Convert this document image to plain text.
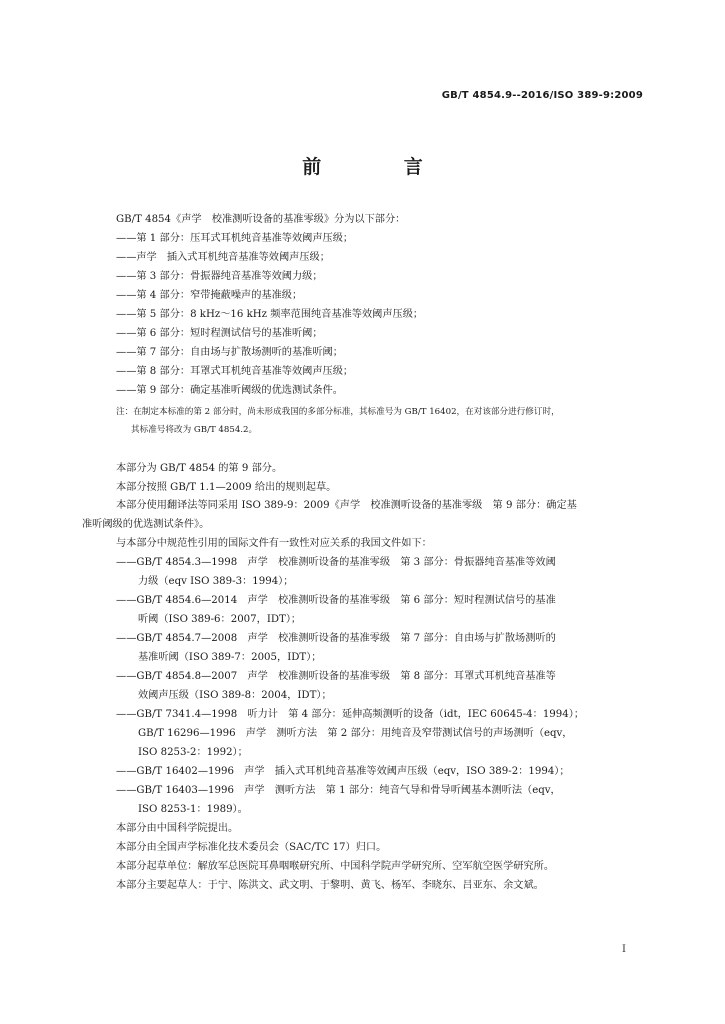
GB/T 4854.9--2016/ISO 389-9:2009
前 言
GB/T 4854《声学　校准测听设备的基准零级》分为以下部分：
——第 1 部分：压耳式耳机纯音基准等效阈声压级；
——声学　插入式耳机纯音基准等效阈声压级；
——第 3 部分：骨振器纯音基准等效阈力级；
——第 4 部分：窄带掩蔽噪声的基准级；
——第 5 部分：8 kHz～16 kHz 频率范围纯音基准等效阈声压级；
——第 6 部分：短时程测试信号的基准听阈；
——第 7 部分：自由场与扩散场测听的基准听阈；
——第 8 部分：耳罩式耳机纯音基准等效阈声压级；
——第 9 部分：确定基准听阈级的优选测试条件。
注：在制定本标准的第 2 部分时，尚未形成我国的多部分标准，其标准号为 GB/T 16402，在对该部分进行修订时，
其标准号将改为 GB/T 4854.2。
本部分为 GB/T 4854 的第 9 部分。
本部分按照 GB/T 1.1—2009 给出的规则起草。
本部分使用翻译法等同采用 ISO 389-9：2009《声学　校准测听设备的基准零级　第 9 部分：确定基
准听阈级的优选测试条件》。
与本部分中规范性引用的国际文件有一致性对应关系的我国文件如下：
——GB/T 4854.3—1998　声学　校准测听设备的基准零级　第 3 部分：骨振器纯音基准等效阈
力级（eqv ISO 389-3：1994）；
——GB/T 4854.6—2014　声学　校准测听设备的基准零级　第 6 部分：短时程测试信号的基准
听阈（ISO 389-6：2007，IDT）；
——GB/T 4854.7—2008　声学　校准测听设备的基准零级　第 7 部分：自由场与扩散场测听的
基准听阈（ISO 389-7：2005，IDT）；
——GB/T 4854.8—2007　声学　校准测听设备的基准零级　第 8 部分：耳罩式耳机纯音基准等
效阈声压级（ISO 389-8：2004，IDT）；
——GB/T 7341.4—1998　听力计　第 4 部分：延伸高频测听的设备（idt，IEC 60645-4：1994）；
GB/T 16296—1996　声学　测听方法　第 2 部分：用纯音及窄带测试信号的声场测听（eqv，
ISO 8253-2：1992）；
——GB/T 16402—1996　声学　插入式耳机纯音基准等效阈声压级（eqv，ISO 389-2：1994）；
——GB/T 16403—1996　声学　测听方法　第 1 部分：纯音气导和骨导听阈基本测听法（eqv，
ISO 8253-1：1989）。
本部分由中国科学院提出。
本部分由全国声学标准化技术委员会（SAC/TC 17）归口。
本部分起草单位：解放军总医院耳鼻咽喉研究所、中国科学院声学研究所、空军航空医学研究所。
本部分主要起草人：于宁、陈洪文、武文明、于黎明、黄飞、杨军、李晓东、吕亚东、余文斌。
I
